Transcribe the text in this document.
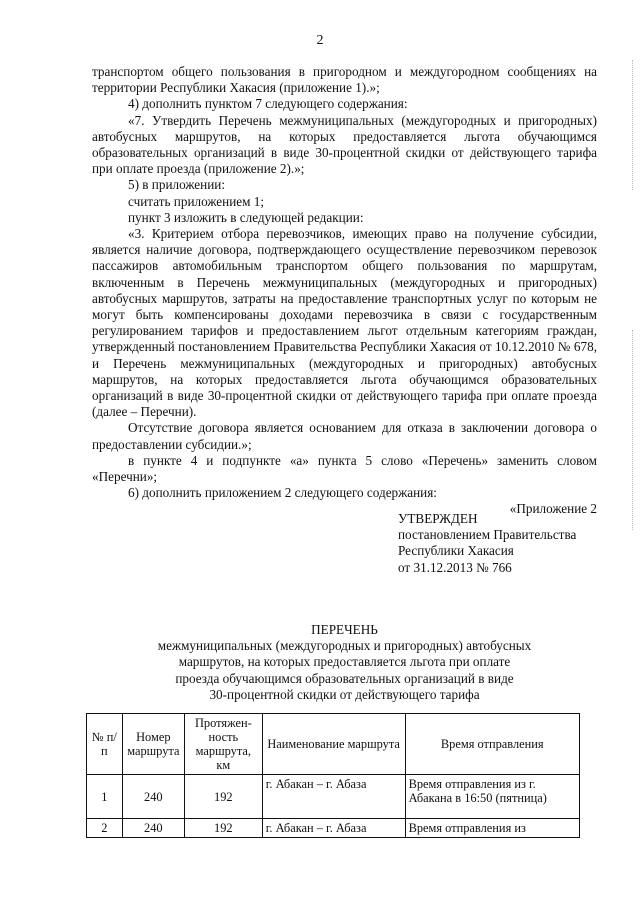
2

транспортом общего пользования в пригородном и междугородном сообщениях на территории Республики Хакасия (приложение 1).»;

4) дополнить пунктом 7 следующего содержания:

«7. Утвердить Перечень межмуниципальных (междугородных и пригородных) автобусных маршрутов, на которых предоставляется льгота обучающимся образовательных организаций в виде 30-процентной скидки от действующего тарифа при оплате проезда (приложение 2).»;

5) в приложении:

считать приложением 1;

пункт 3 изложить в следующей редакции:

«3. Критерием отбора перевозчиков, имеющих право на получение субсидии, является наличие договора, подтверждающего осуществление перевозчиком перевозок пассажиров автомобильным транспортом общего пользования по маршрутам, включенным в Перечень межмуниципальных (междугородных и пригородных) автобусных маршрутов, затраты на предоставление транспортных услуг по которым не могут быть компенсированы доходами перевозчика в связи с государственным регулированием тарифов и предоставлением льгот отдельным категориям граждан, утвержденный постановлением Правительства Республики Хакасия от 10.12.2010 № 678, и Перечень межмуниципальных (междугородных и пригородных) автобусных маршрутов, на которых предоставляется льгота обучающимся образовательных организаций в виде 30-процентной скидки от действующего тарифа при оплате проезда (далее – Перечни).

Отсутствие договора является основанием для отказа в заключении договора о предоставлении субсидии.»;

в пункте 4 и подпункте «а» пункта 5 слово «Перечень» заменить словом «Перечни»;

6) дополнить приложением 2 следующего содержания:

«Приложение 2

УТВЕРЖДЕН
постановлением Правительства
Республики Хакасия
от 31.12.2013 № 766
ПЕРЕЧЕНЬ
межмуниципальных (междугородных и пригородных) автобусных
маршрутов, на которых предоставляется льгота при оплате
проезда обучающимся образовательных организаций в виде
30-процентной скидки от действующего тарифа
№ п/п	Номер маршрута	Протяжен-ность маршрута, км	Наименование маршрута	Время отправления
1	240	192	г. Абакан – г. Абаза	Время отправления из г. Абакана в 16:50 (пятница)
2	240	192	г. Абакан – г. Абаза	Время отправления из
